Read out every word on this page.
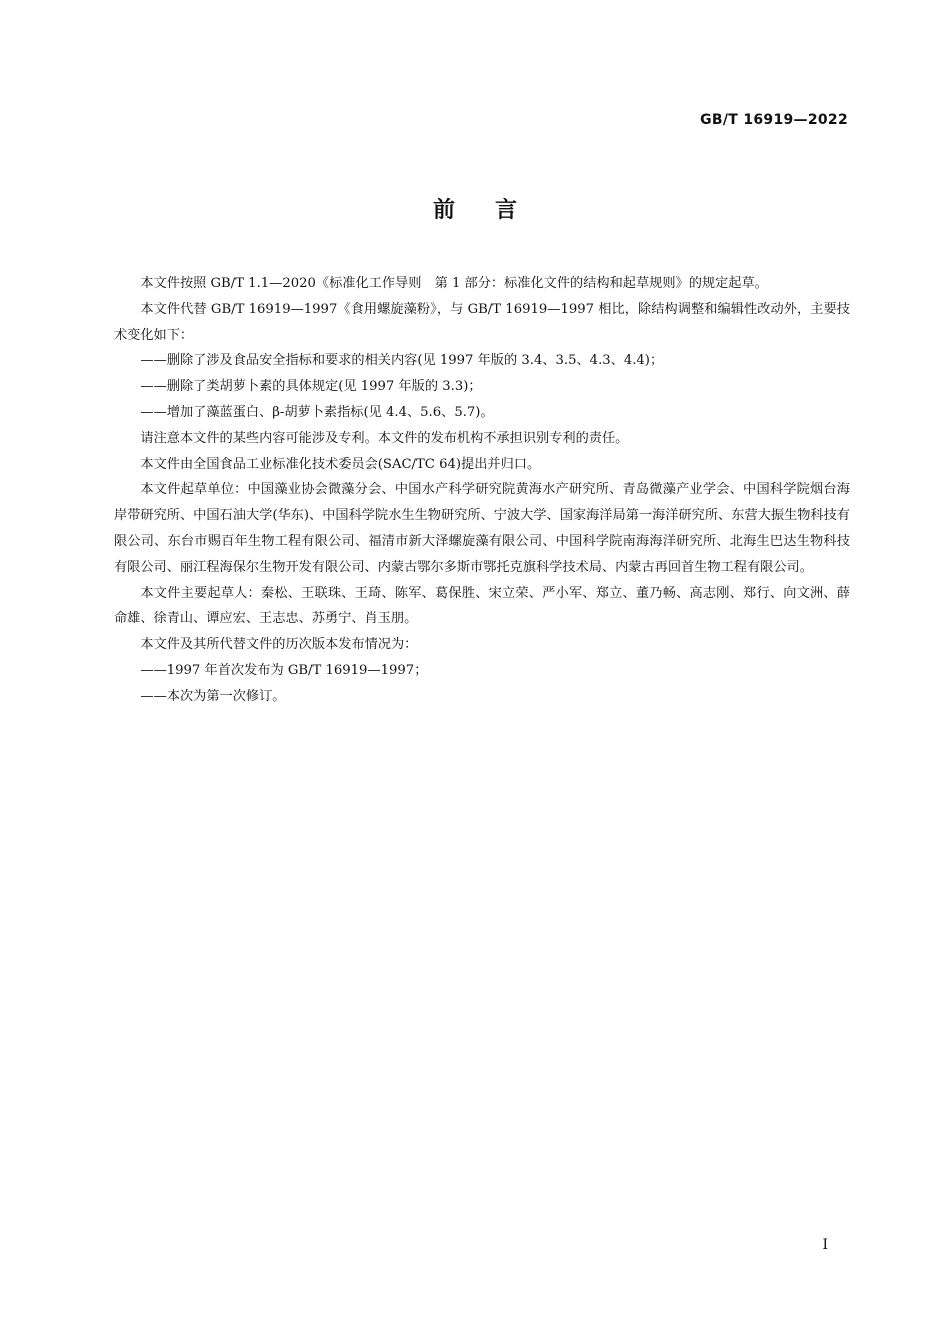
GB/T 16919—2022
前言

本文件按照 GB/T 1.1—2020《标准化工作导则　第 1 部分：标准化文件的结构和起草规则》的规定起草。

本文件代替 GB/T 16919—1997《食用螺旋藻粉》，与 GB/T 16919—1997 相比，除结构调整和编辑性改动外，主要技术变化如下：

——删除了涉及食品安全指标和要求的相关内容(见 1997 年版的 3.4、3.5、4.3、4.4)；

——删除了类胡萝卜素的具体规定(见 1997 年版的 3.3)；

——增加了藻蓝蛋白、β-胡萝卜素指标(见 4.4、5.6、5.7)。

请注意本文件的某些内容可能涉及专利。本文件的发布机构不承担识别专利的责任。

本文件由全国食品工业标准化技术委员会(SAC/TC 64)提出并归口。

本文件起草单位：中国藻业协会微藻分会、中国水产科学研究院黄海水产研究所、青岛微藻产业学会、中国科学院烟台海岸带研究所、中国石油大学(华东)、中国科学院水生生物研究所、宁波大学、国家海洋局第一海洋研究所、东营大振生物科技有限公司、东台市赐百年生物工程有限公司、福清市新大泽螺旋藻有限公司、中国科学院南海海洋研究所、北海生巴达生物科技有限公司、丽江程海保尔生物开发有限公司、内蒙古鄂尔多斯市鄂托克旗科学技术局、内蒙古再回首生物工程有限公司。

本文件主要起草人：秦松、王联珠、王琦、陈军、葛保胜、宋立荣、严小军、郑立、董乃畅、高志刚、郑行、向文洲、薛命雄、徐青山、谭应宏、王志忠、苏勇宁、肖玉朋。

本文件及其所代替文件的历次版本发布情况为：

——1997 年首次发布为 GB/T 16919—1997；

——本次为第一次修订。

I
